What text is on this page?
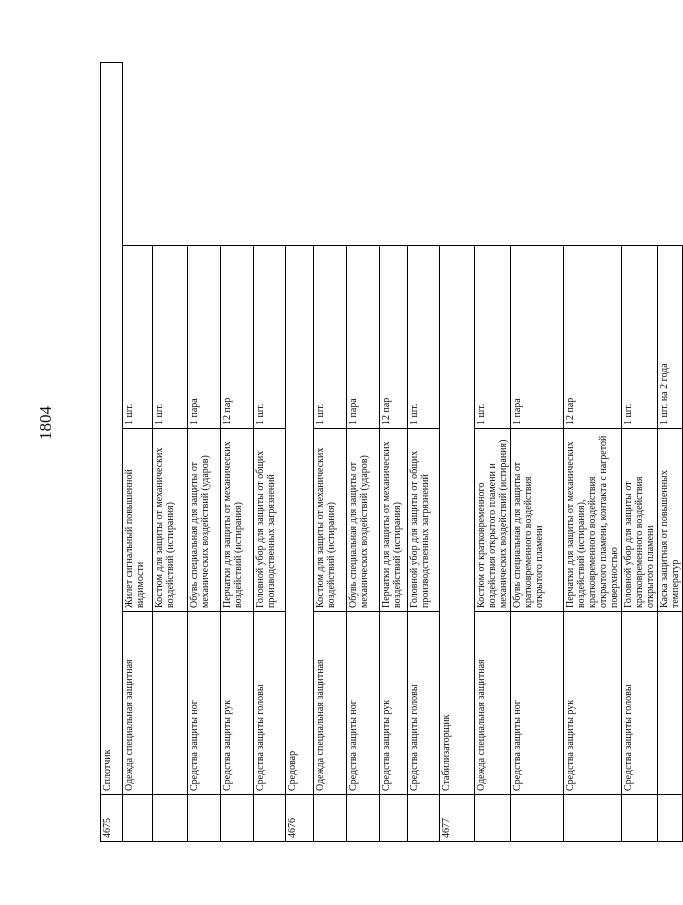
1804
4675	Сплотчик		
	Одежда специальная защитная	Жилет сигнальный повышенной видимости	1 шт.
		Костюм для защиты от механических воздействий (истирания)	1 шт.
	Средства защиты ног	Обувь специальная для защиты от механических воздействий (ударов)	1 пара
	Средства защиты рук	Перчатки для защиты от механических воздействий (истирания)	12 пар
	Средства защиты головы	Головной убор для защиты от общих производственных загрязнений	1 шт.
4676	Средовар		
	Одежда специальная защитная	Костюм для защиты от механических воздействий (истирания)	1 шт.
	Средства защиты ног	Обувь специальная для защиты от механических воздействий (ударов)	1 пара
	Средства защиты рук	Перчатки для защиты от механических воздействий (истирания)	12 пар
	Средства защиты головы	Головной убор для защиты от общих производственных загрязнений	1 шт.
4677	Стабилизаторщик		
	Одежда специальная защитная	Костюм от кратковременного воздействия открытого пламени и механических воздействий (истирания)	1 шт.
	Средства защиты ног	Обувь специальная для защиты от кратковременного воздействия открытого пламени	1 пара
	Средства защиты рук	Перчатки для защиты от механических воздействий (истирания), кратковременного воздействия открытого пламени, контакта с нагретой поверхностью	12 пар
	Средства защиты головы	Головной убор для защиты от кратковременного воздействия открытого пламени	1 шт.
		Каска защитная от повышенных температур	1 шт. на 2 года
